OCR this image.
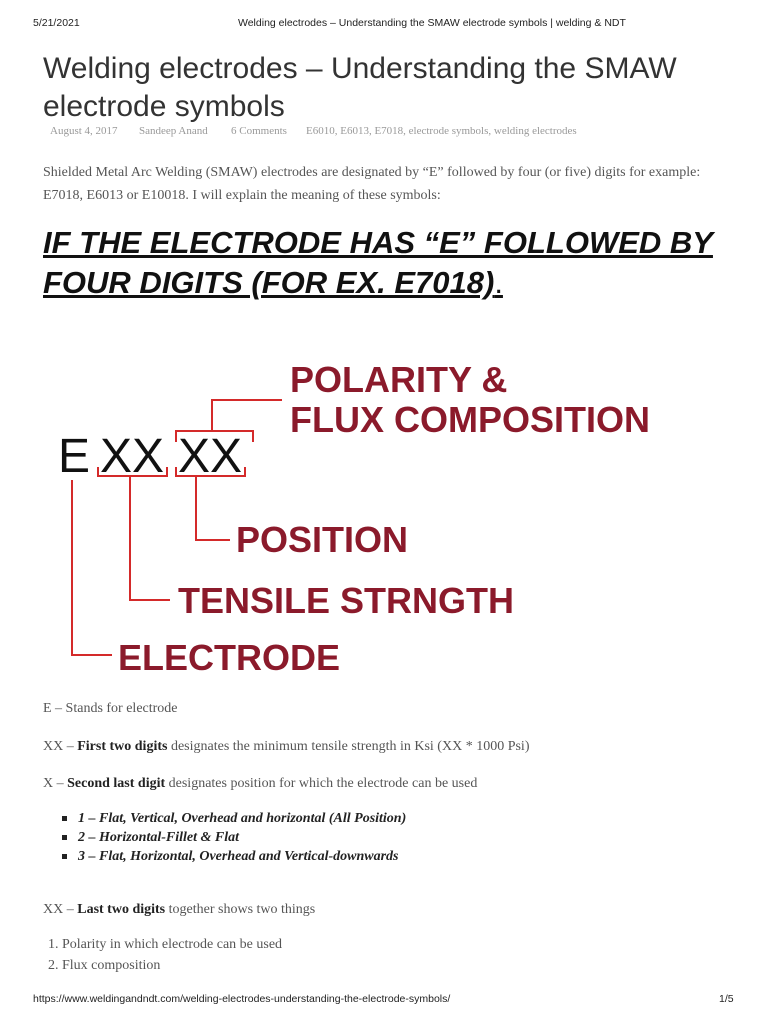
5/21/2021	Welding electrodes – Understanding the SMAW electrode symbols | welding & NDT
Welding electrodes – Understanding the SMAW electrode symbols
August 4, 2017 Sandeep Anand 6 Comments E6010, E6013, E7018, electrode symbols, welding electrodes

Shielded Metal Arc Welding (SMAW) electrodes are designated by “E” followed by four (or five) digits for example: E7018, E6013 or E10018. I will explain the meaning of these symbols:

IF THE ELECTRODE HAS “E” FOLLOWED BY FOUR DIGITS (FOR EX. E7018).
E XX XX
POLARITY &
FLUX COMPOSITION
POSITION
TENSILE STRNGTH
ELECTRODE
E – Stands for electrode
XX – First two digits designates the minimum tensile strength in Ksi (XX * 1000 Psi)
X – Second last digit designates position for which the electrode can be used
1 – Flat, Vertical, Overhead and horizontal (All Position)
2 – Horizontal-Fillet & Flat
3 – Flat, Horizontal, Overhead and Vertical-downwards
XX – Last two digits together shows two things
1. Polarity in which electrode can be used
2. Flux composition
https://www.weldingandndt.com/welding-electrodes-understanding-the-electrode-symbols/	1/5
